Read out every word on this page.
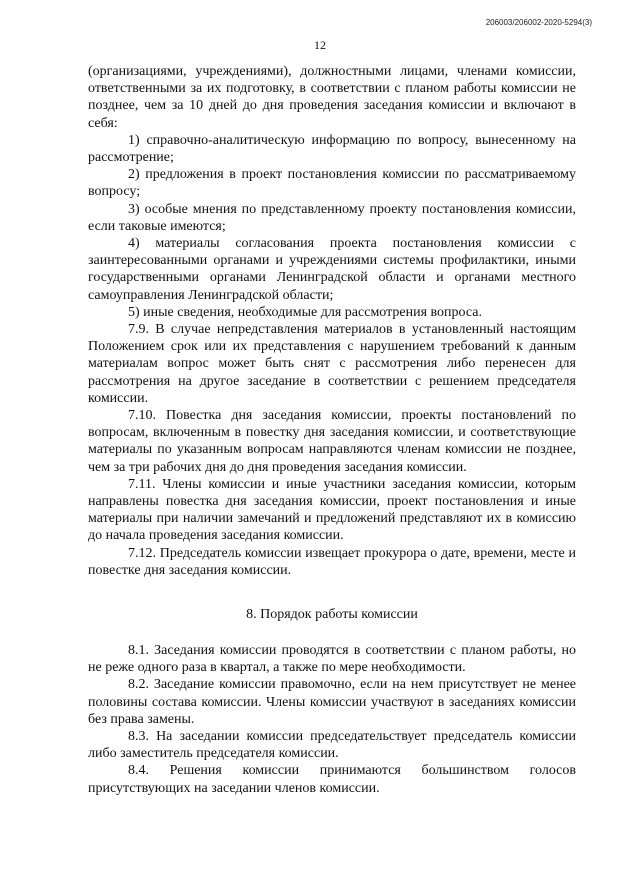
206003/206002-2020-5294(3)
12

(организациями, учреждениями), должностными лицами, членами комиссии, ответственными за их подготовку, в соответствии с планом работы комиссии не позднее, чем за 10 дней до дня проведения заседания комиссии и включают в себя:

1) справочно-аналитическую информацию по вопросу, вынесенному на рассмотрение;

2) предложения в проект постановления комиссии по рассматриваемому вопросу;

3) особые мнения по представленному проекту постановления комиссии, если таковые имеются;

4) материалы согласования проекта постановления комиссии с заинтересованными органами и учреждениями системы профилактики, иными государственными органами Ленинградской области и органами местного самоуправления Ленинградской области;

5) иные сведения, необходимые для рассмотрения вопроса.

7.9. В случае непредставления материалов в установленный настоящим Положением срок или их представления с нарушением требований к данным материалам вопрос может быть снят с рассмотрения либо перенесен для рассмотрения на другое заседание в соответствии с решением председателя комиссии.

7.10. Повестка дня заседания комиссии, проекты постановлений по вопросам, включенным в повестку дня заседания комиссии, и соответствующие материалы по указанным вопросам направляются членам комиссии не позднее, чем за три рабочих дня до дня проведения заседания комиссии.

7.11. Члены комиссии и иные участники заседания комиссии, которым направлены повестка дня заседания комиссии, проект постановления и иные материалы при наличии замечаний и предложений представляют их в комиссию до начала проведения заседания комиссии.

7.12. Председатель комиссии извещает прокурора о дате, времени, месте и повестке дня заседания комиссии.

8. Порядок работы комиссии

8.1. Заседания комиссии проводятся в соответствии с планом работы, но не реже одного раза в квартал, а также по мере необходимости.

8.2. Заседание комиссии правомочно, если на нем присутствует не менее половины состава комиссии. Члены комиссии участвуют в заседаниях комиссии без права замены.

8.3. На заседании комиссии председательствует председатель комиссии либо заместитель председателя комиссии.

8.4. Решения комиссии принимаются большинством голосов присутствующих на заседании членов комиссии.
